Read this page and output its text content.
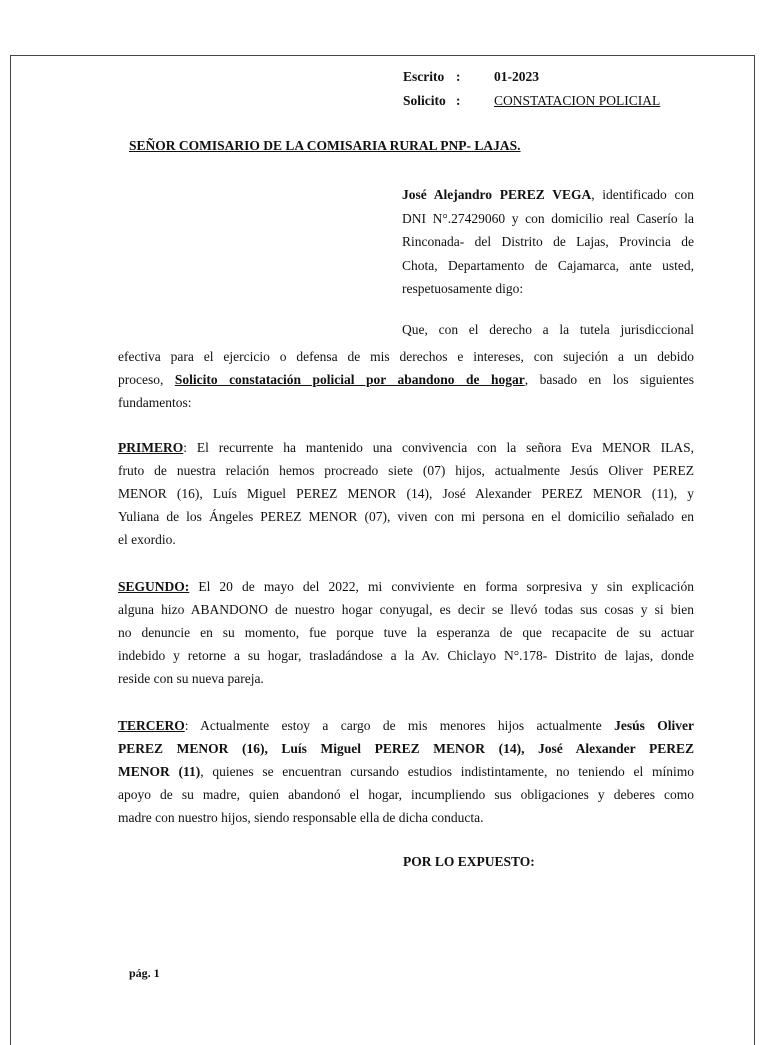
Escrito : 01-2023
Solicito : CONSTATACION POLICIAL
SEÑOR COMISARIO DE LA COMISARIA RURAL PNP- LAJAS.
José Alejandro PEREZ VEGA, identificado con
DNI N°.27429060 y con domicilio real Caserío la
Rinconada- del Distrito de Lajas, Provincia de
Chota, Departamento de Cajamarca, ante usted,
respetuosamente digo:
Que, con el derecho a la tutela jurisdiccional
efectiva para el ejercicio o defensa de mis derechos e intereses, con sujeción a un debido
proceso, Solicito constatación policial por abandono de hogar, basado en los siguientes
fundamentos:
PRIMERO: El recurrente ha mantenido una convivencia con la señora Eva MENOR ILAS,
fruto de nuestra relación hemos procreado siete (07) hijos, actualmente Jesús Oliver PEREZ
MENOR (16), Luís Miguel PEREZ MENOR (14), José Alexander PEREZ MENOR (11), y
Yuliana de los Ángeles PEREZ MENOR (07), viven con mi persona en el domicilio señalado en
el exordio.
SEGUNDO: El 20 de mayo del 2022, mi conviviente en forma sorpresiva y sin explicación
alguna hizo ABANDONO de nuestro hogar conyugal, es decir se llevó todas sus cosas y si bien
no denuncie en su momento, fue porque tuve la esperanza de que recapacite de su actuar
indebido y retorne a su hogar, trasladándose a la Av. Chiclayo N°.178- Distrito de lajas, donde
reside con su nueva pareja.
TERCERO: Actualmente estoy a cargo de mis menores hijos actualmente Jesús Oliver
PEREZ MENOR (16), Luís Miguel PEREZ MENOR (14), José Alexander PEREZ
MENOR (11), quienes se encuentran cursando estudios indistintamente, no teniendo el mínimo
apoyo de su madre, quien abandonó el hogar, incumpliendo sus obligaciones y deberes como
madre con nuestro hijos, siendo responsable ella de dicha conducta.
POR LO EXPUESTO:
pág. 1
